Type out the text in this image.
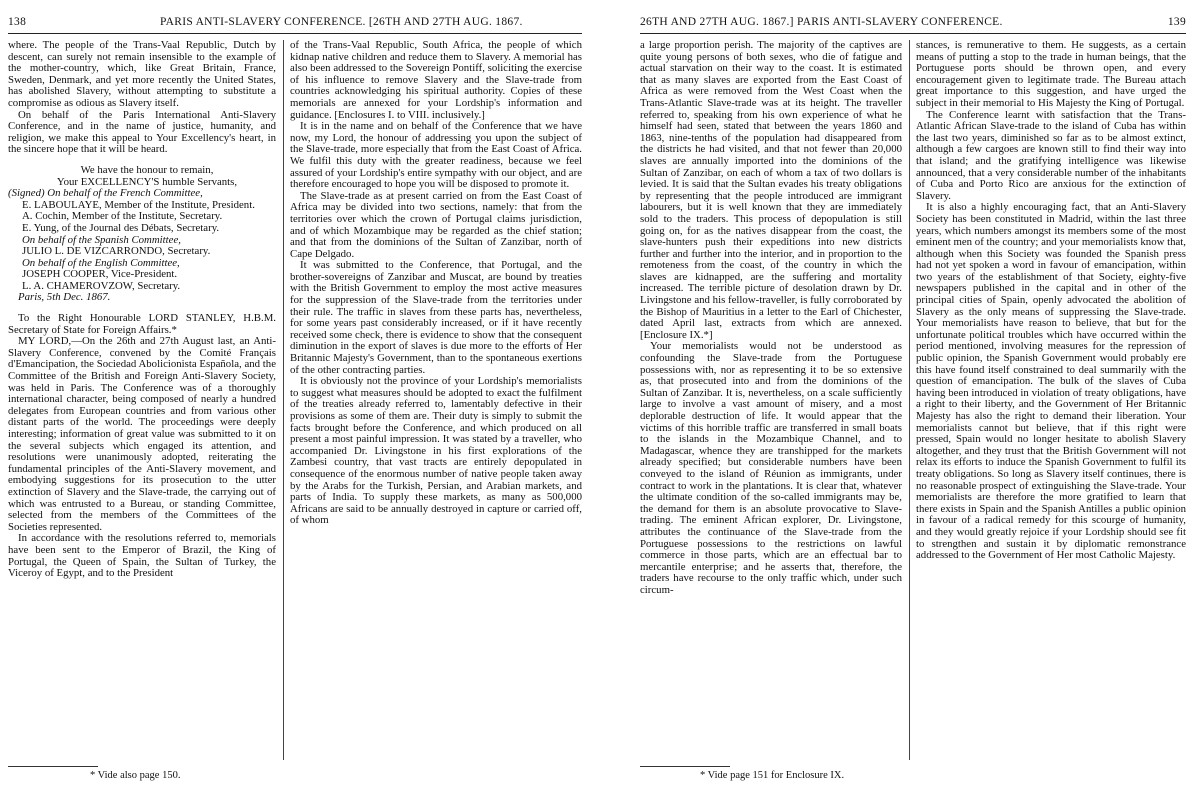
138	PARIS ANTI-SLAVERY CONFERENCE. [26TH AND 27TH AUG. 1867.

where. The people of the Trans-Vaal Republic, Dutch by descent, can surely not remain insensible to the example of the mother-country, which, like Great Britain, France, Sweden, Denmark, and yet more recently the United States, has abolished Slavery, without attempting to substitute a compromise as odious as Slavery itself.

On behalf of the Paris International Anti-Slavery Conference, and in the name of justice, humanity, and religion, we make this appeal to Your Excellency's heart, in the sincere hope that it will be heard.

We have the honour to remain,

Your EXCELLENCY'S humble Servants,

(Signed) On behalf of the French Committee,

E. LABOULAYE, Member of the Institute, President.

A. Cochin, Member of the Institute, Secretary.

E. Yung, of the Journal des Débats, Secretary.

On behalf of the Spanish Committee,

JULIO L. DE VIZCARRONDO, Secretary.

On behalf of the English Committee,

JOSEPH COOPER, Vice-President.

L. A. CHAMEROVZOW, Secretary.

Paris, 5th Dec. 1867.

To the Right Honourable LORD STANLEY, H.B.M. Secretary of State for Foreign Affairs.*

MY LORD,—On the 26th and 27th August last, an Anti-Slavery Conference, convened by the Comité Français d'Emancipation, the Sociedad Abolicionista Española, and the Committee of the British and Foreign Anti-Slavery Society, was held in Paris. The Conference was of a thoroughly international character, being composed of nearly a hundred delegates from European countries and from various other distant parts of the world. The proceedings were deeply interesting; information of great value was submitted to it on the several subjects which engaged its attention, and resolutions were unanimously adopted, reiterating the fundamental principles of the Anti-Slavery movement, and embodying suggestions for its prosecution to the utter extinction of Slavery and the Slave-trade, the carrying out of which was entrusted to a Bureau, or standing Committee, selected from the members of the Committees of the Societies represented.

In accordance with the resolutions referred to, memorials have been sent to the Emperor of Brazil, the King of Portugal, the Queen of Spain, the Sultan of Turkey, the Viceroy of Egypt, and to the President

of the Trans-Vaal Republic, South Africa, the people of which kidnap native children and reduce them to Slavery. A memorial has also been addressed to the Sovereign Pontiff, soliciting the exercise of his influence to remove Slavery and the Slave-trade from countries acknowledging his spiritual authority. Copies of these memorials are annexed for your Lordship's information and guidance. [Enclosures I. to VIII. inclusively.]

It is in the name and on behalf of the Conference that we have now, my Lord, the honour of addressing you upon the subject of the Slave-trade, more especially that from the East Coast of Africa. We fulfil this duty with the greater readiness, because we feel assured of your Lordship's entire sympathy with our object, and are therefore encouraged to hope you will be disposed to promote it.

The Slave-trade as at present carried on from the East Coast of Africa may be divided into two sections, namely: that from the territories over which the crown of Portugal claims jurisdiction, and of which Mozambique may be regarded as the chief station; and that from the dominions of the Sultan of Zanzibar, north of Cape Delgado.

It was submitted to the Conference, that Portugal, and the brother-sovereigns of Zanzibar and Muscat, are bound by treaties with the British Government to employ the most active measures for the suppression of the Slave-trade from the territories under their rule. The traffic in slaves from these parts has, nevertheless, for some years past considerably increased, or if it have recently received some check, there is evidence to show that the consequent diminution in the export of slaves is due more to the efforts of Her Britannic Majesty's Government, than to the spontaneous exertions of the other contracting parties.

It is obviously not the province of your Lordship's memorialists to suggest what measures should be adopted to exact the fulfilment of the treaties already referred to, lamentably defective in their provisions as some of them are. Their duty is simply to submit the facts brought before the Conference, and which produced on all present a most painful impression. It was stated by a traveller, who accompanied Dr. Livingstone in his first explorations of the Zambesi country, that vast tracts are entirely depopulated in consequence of the enormous number of native people taken away by the Arabs for the Turkish, Persian, and Arabian markets, and parts of India. To supply these markets, as many as 500,000 Africans are said to be annually destroyed in capture or carried off, of whom

* Vide also page 150.
26TH AND 27TH AUG. 1867.] PARIS ANTI-SLAVERY CONFERENCE.	139

a large proportion perish. The majority of the captives are quite young persons of both sexes, who die of fatigue and actual starvation on their way to the coast. It is estimated that as many slaves are exported from the East Coast of Africa as were removed from the West Coast when the Trans-Atlantic Slave-trade was at its height. The traveller referred to, speaking from his own experience of what he himself had seen, stated that between the years 1860 and 1863, nine-tenths of the population had disappeared from the districts he had visited, and that not fewer than 20,000 slaves are annually imported into the dominions of the Sultan of Zanzibar, on each of whom a tax of two dollars is levied. It is said that the Sultan evades his treaty obligations by representing that the people introduced are immigrant labourers, but it is well known that they are immediately sold to the traders. This process of depopulation is still going on, for as the natives disappear from the coast, the slave-hunters push their expeditions into new districts further and further into the interior, and in proportion to the remoteness from the coast, of the country in which the slaves are kidnapped, are the suffering and mortality increased. The terrible picture of desolation drawn by Dr. Livingstone and his fellow-traveller, is fully corroborated by the Bishop of Mauritius in a letter to the Earl of Chichester, dated April last, extracts from which are annexed. [Enclosure IX.*]

Your memorialists would not be understood as confounding the Slave-trade from the Portuguese possessions with, nor as representing it to be so extensive as, that prosecuted into and from the dominions of the Sultan of Zanzibar. It is, nevertheless, on a scale sufficiently large to involve a vast amount of misery, and a most deplorable destruction of life. It would appear that the victims of this horrible traffic are transferred in small boats to the islands in the Mozambique Channel, and to Madagascar, whence they are transhipped for the markets already specified; but considerable numbers have been conveyed to the island of Réunion as immigrants, under contract to work in the plantations. It is clear that, whatever the ultimate condition of the so-called immigrants may be, the demand for them is an absolute provocative to Slave-trading. The eminent African explorer, Dr. Livingstone, attributes the continuance of the Slave-trade from the Portuguese possessions to the restrictions on lawful commerce in those parts, which are an effectual bar to mercantile enterprise; and he asserts that, therefore, the traders have recourse to the only traffic which, under such circum-

stances, is remunerative to them. He suggests, as a certain means of putting a stop to the trade in human beings, that the Portuguese ports should be thrown open, and every encouragement given to legitimate trade. The Bureau attach great importance to this suggestion, and have urged the subject in their memorial to His Majesty the King of Portugal.

The Conference learnt with satisfaction that the Trans-Atlantic African Slave-trade to the island of Cuba has within the last two years, diminished so far as to be almost extinct, although a few cargoes are known still to find their way into that island; and the gratifying intelligence was likewise announced, that a very considerable number of the inhabitants of Cuba and Porto Rico are anxious for the extinction of Slavery.

It is also a highly encouraging fact, that an Anti-Slavery Society has been constituted in Madrid, within the last three years, which numbers amongst its members some of the most eminent men of the country; and your memorialists know that, although when this Society was founded the Spanish press had not yet spoken a word in favour of emancipation, within two years of the establishment of that Society, eighty-five newspapers published in the capital and in other of the principal cities of Spain, openly advocated the abolition of Slavery as the only means of suppressing the Slave-trade. Your memorialists have reason to believe, that but for the unfortunate political troubles which have occurred within the period mentioned, involving measures for the repression of public opinion, the Spanish Government would probably ere this have found itself constrained to deal summarily with the question of emancipation. The bulk of the slaves of Cuba having been introduced in violation of treaty obligations, have a right to their liberty, and the Government of Her Britannic Majesty has also the right to demand their liberation. Your memorialists cannot but believe, that if this right were pressed, Spain would no longer hesitate to abolish Slavery altogether, and they trust that the British Government will not relax its efforts to induce the Spanish Government to fulfil its treaty obligations. So long as Slavery itself continues, there is no reasonable prospect of extinguishing the Slave-trade. Your memorialists are therefore the more gratified to learn that there exists in Spain and the Spanish Antilles a public opinion in favour of a radical remedy for this scourge of humanity, and they would greatly rejoice if your Lordship should see fit to strengthen and sustain it by diplomatic remonstrance addressed to the Government of Her most Catholic Majesty.

* Vide page 151 for Enclosure IX.
